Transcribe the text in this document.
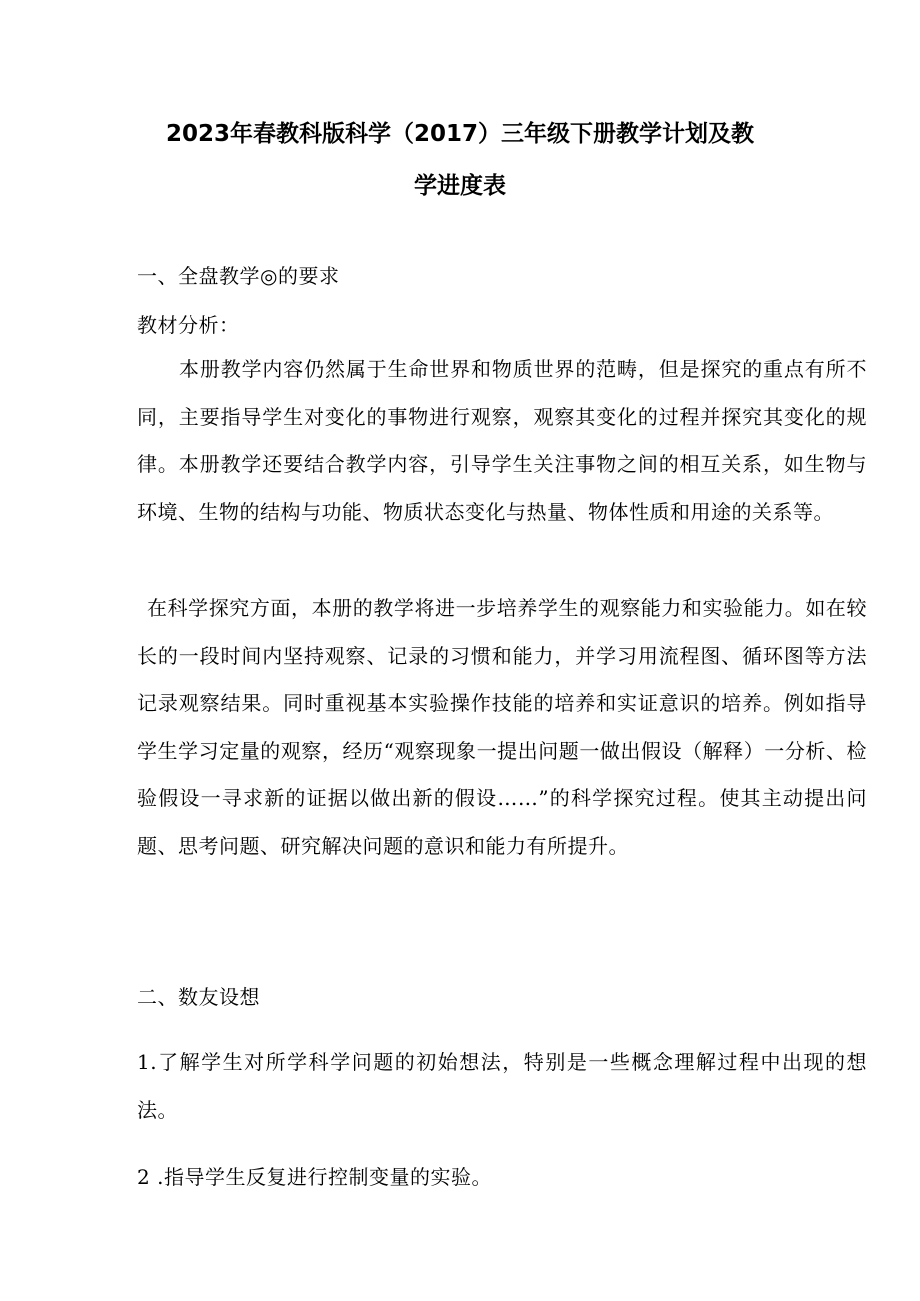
2023年春教科版科学（2017）三年级下册教学计划及教
学进度表
一、全盘教学◎的要求
教材分析：

本册教学内容仍然属于生命世界和物质世界的范畴，但是探究的重点有所不同，主要指导学生对变化的事物进行观察，观察其变化的过程并探究其变化的规律。本册教学还要结合教学内容，引导学生关注事物之间的相互关系，如生物与环境、生物的结构与功能、物质状态变化与热量、物体性质和用途的关系等。

在科学探究方面，本册的教学将进一步培养学生的观察能力和实验能力。如在较长的一段时间内坚持观察、记录的习惯和能力，并学习用流程图、循环图等方法记录观察结果。同时重视基本实验操作技能的培养和实证意识的培养。例如指导学生学习定量的观察，经历“观察现象一提出问题一做出假设（解释）一分析、检验假设一寻求新的证据以做出新的假设……”的科学探究过程。使其主动提出问题、思考问题、研究解决问题的意识和能力有所提升。

二、数友设想

1.了解学生对所学科学问题的初始想法，特别是一些概念理解过程中出现的想法。

2 .指导学生反复进行控制变量的实验。
